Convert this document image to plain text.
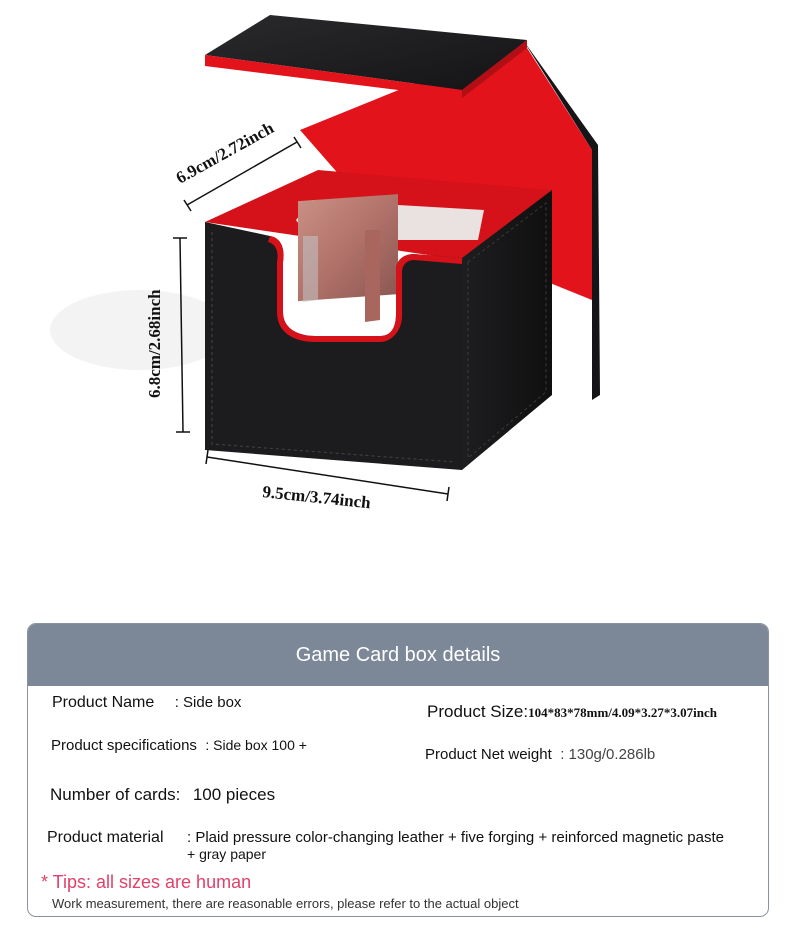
6.9cm/2.72inch
6.8cm/2.68inch
9.5cm/3.74inch
Game Card box details
Product Name : Side box	Product Size:104*83*78mm/4.09*3.27*3.07inch
Product specifications : Side box 100 +
Product Net weight : 130g/0.286lb
Number of cards: 100 pieces
Product material : Plaid pressure color-changing leather + five forging + reinforced magnetic paste
+ gray paper
* Tips: all sizes are human
Work measurement, there are reasonable errors, please refer to the actual object
